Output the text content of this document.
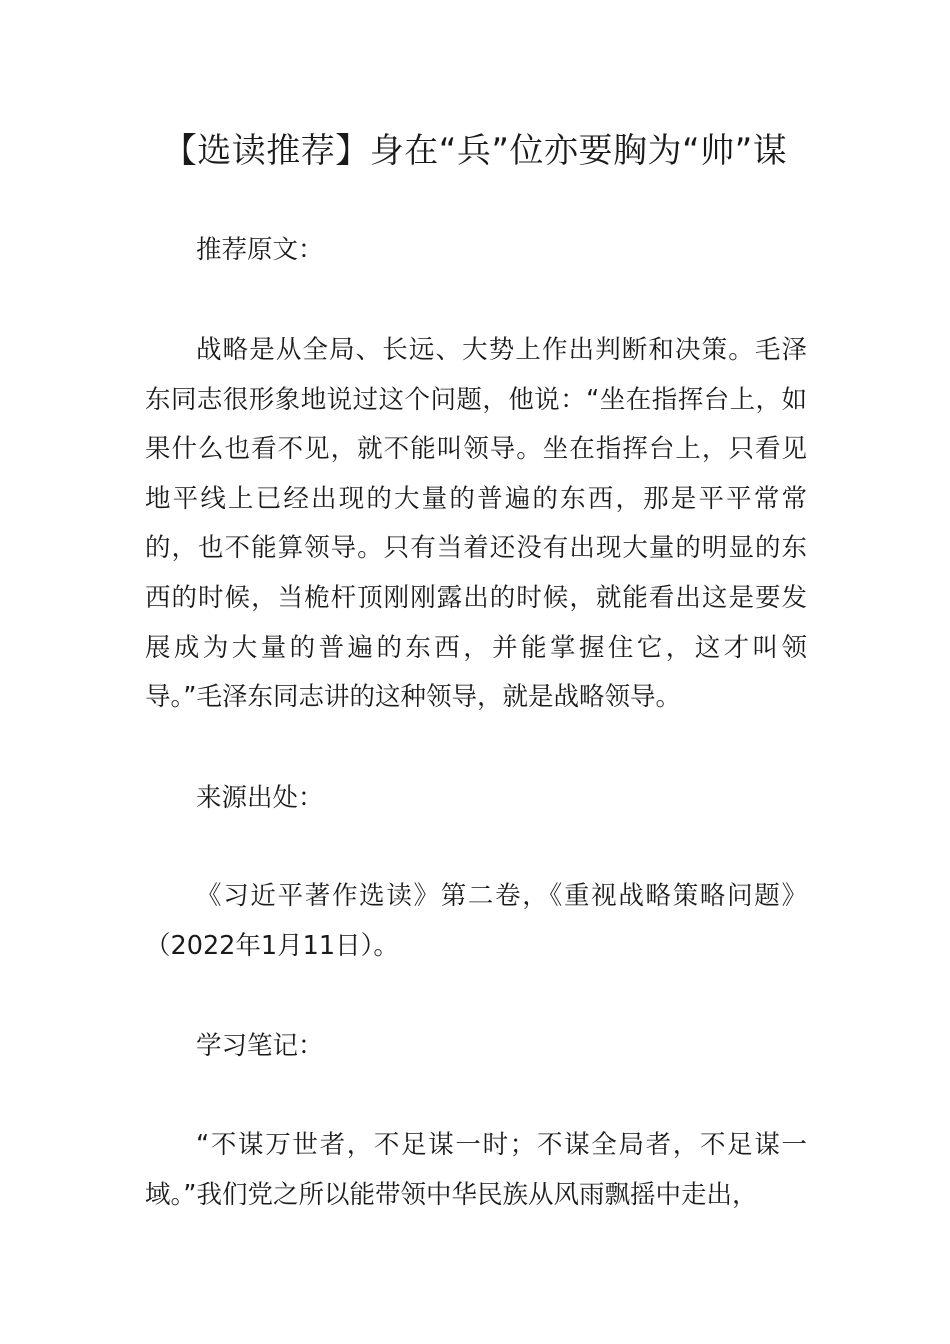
【选读推荐】身在“兵”位亦要胸为“帅”谋
推荐原文：
战略是从全局、长远、大势上作出判断和决策。毛泽东同志很形象地说过这个问题，他说：“坐在指挥台上，如果什么也看不见，就不能叫领导。坐在指挥台上，只看见地平线上已经出现的大量的普遍的东西，那是平平常常的，也不能算领导。只有当着还没有出现大量的明显的东西的时候，当桅杆顶刚刚露出的时候，就能看出这是要发展成为大量的普遍的东西，并能掌握住它，这才叫领导。”毛泽东同志讲的这种领导，就是战略领导。
来源出处：
《习近平著作选读》第二卷，《重视战略策略问题》（2022年1月11日）。
学习笔记：
“不谋万世者，不足谋一时；不谋全局者，不足谋一域。”我们党之所以能带领中华民族从风雨飘摇中走出，
